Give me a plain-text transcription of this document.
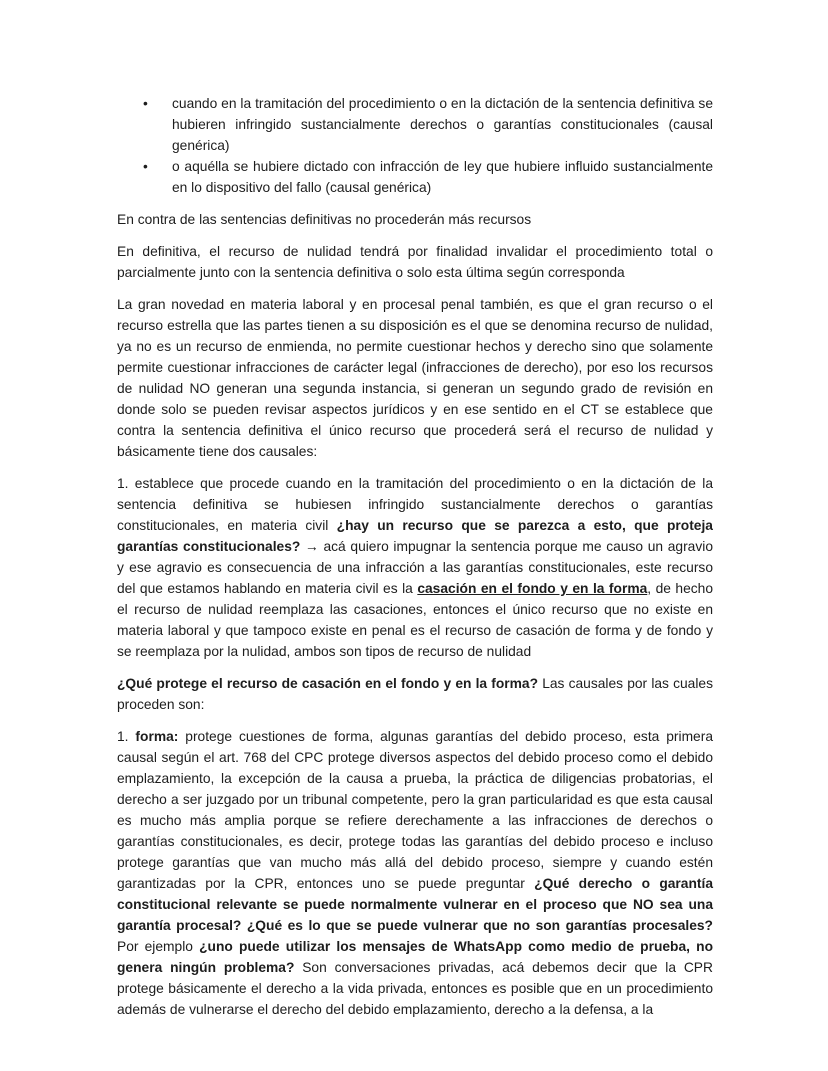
• cuando en la tramitación del procedimiento o en la dictación de la sentencia definitiva se hubieren infringido sustancialmente derechos o garantías constitucionales (causal genérica)
• o aquélla se hubiere dictado con infracción de ley que hubiere influido sustancialmente en lo dispositivo del fallo (causal genérica)

En contra de las sentencias definitivas no procederán más recursos

En definitiva, el recurso de nulidad tendrá por finalidad invalidar el procedimiento total o parcialmente junto con la sentencia definitiva o solo esta última según corresponda

La gran novedad en materia laboral y en procesal penal también, es que el gran recurso o el recurso estrella que las partes tienen a su disposición es el que se denomina recurso de nulidad, ya no es un recurso de enmienda, no permite cuestionar hechos y derecho sino que solamente permite cuestionar infracciones de carácter legal (infracciones de derecho), por eso los recursos de nulidad NO generan una segunda instancia, si generan un segundo grado de revisión en donde solo se pueden revisar aspectos jurídicos y en ese sentido en el CT se establece que contra la sentencia definitiva el único recurso que procederá será el recurso de nulidad y básicamente tiene dos causales:

1. establece que procede cuando en la tramitación del procedimiento o en la dictación de la sentencia definitiva se hubiesen infringido sustancialmente derechos o garantías constitucionales, en materia civil ¿hay un recurso que se parezca a esto, que proteja garantías constitucionales? → acá quiero impugnar la sentencia porque me causo un agravio y ese agravio es consecuencia de una infracción a las garantías constitucionales, este recurso del que estamos hablando en materia civil es la casación en el fondo y en la forma, de hecho el recurso de nulidad reemplaza las casaciones, entonces el único recurso que no existe en materia laboral y que tampoco existe en penal es el recurso de casación de forma y de fondo y se reemplaza por la nulidad, ambos son tipos de recurso de nulidad

¿Qué protege el recurso de casación en el fondo y en la forma? Las causales por las cuales proceden son:

1. forma: protege cuestiones de forma, algunas garantías del debido proceso, esta primera causal según el art. 768 del CPC protege diversos aspectos del debido proceso como el debido emplazamiento, la excepción de la causa a prueba, la práctica de diligencias probatorias, el derecho a ser juzgado por un tribunal competente, pero la gran particularidad es que esta causal es mucho más amplia porque se refiere derechamente a las infracciones de derechos o garantías constitucionales, es decir, protege todas las garantías del debido proceso e incluso protege garantías que van mucho más allá del debido proceso, siempre y cuando estén garantizadas por la CPR, entonces uno se puede preguntar ¿Qué derecho o garantía constitucional relevante se puede normalmente vulnerar en el proceso que NO sea una garantía procesal? ¿Qué es lo que se puede vulnerar que no son garantías procesales? Por ejemplo ¿uno puede utilizar los mensajes de WhatsApp como medio de prueba, no genera ningún problema? Son conversaciones privadas, acá debemos decir que la CPR protege básicamente el derecho a la vida privada, entonces es posible que en un procedimiento además de vulnerarse el derecho del debido emplazamiento, derecho a la defensa, a la
